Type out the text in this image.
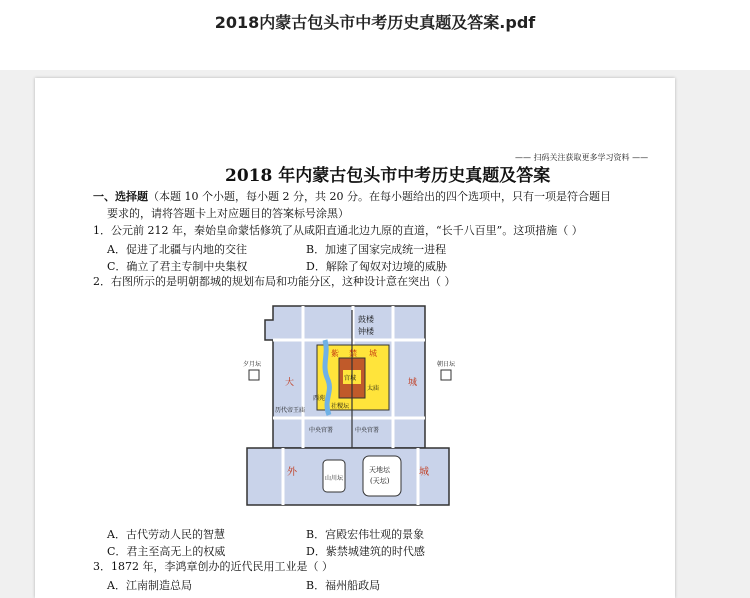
2018内蒙古包头市中考历史真题及答案.pdf
—— 扫码关注获取更多学习资料 ——
2018 年内蒙古包头市中考历史真题及答案
一、选择题（本题 10 个小题，每小题 2 分，共 20 分。在每小题给出的四个选项中，只有一项是符合题目
要求的，请将答题卡上对应题目的答案标号涂黑）
1．公元前 212 年，秦始皇命蒙恬修筑了从咸阳直通北边九原的直道，“长千八百里”。这项措施（ ）
A．促进了北疆与内地的交往	B．加速了国家完成统一进程
C．确立了君主专制中央集权	D．解除了匈奴对边境的威胁
2．右图所示的是明朝都城的规划布局和功能分区，这种设计意在突出（ ）
鼓楼
钟楼
大	城
紫 禁 城
宫城
西苑
太庙
社稷坛
中央官署	中央官署
夕月坛	朝日坛
历代帝王庙
外	城
山川坛
天地坛
(天坛)
A．古代劳动人民的智慧	B．宫殿宏伟壮观的景象
C．君主至高无上的权威	D．紫禁城建筑的时代感
3．1872 年，李鸿章创办的近代民用工业是（ ）
A．江南制造总局	B．福州船政局
